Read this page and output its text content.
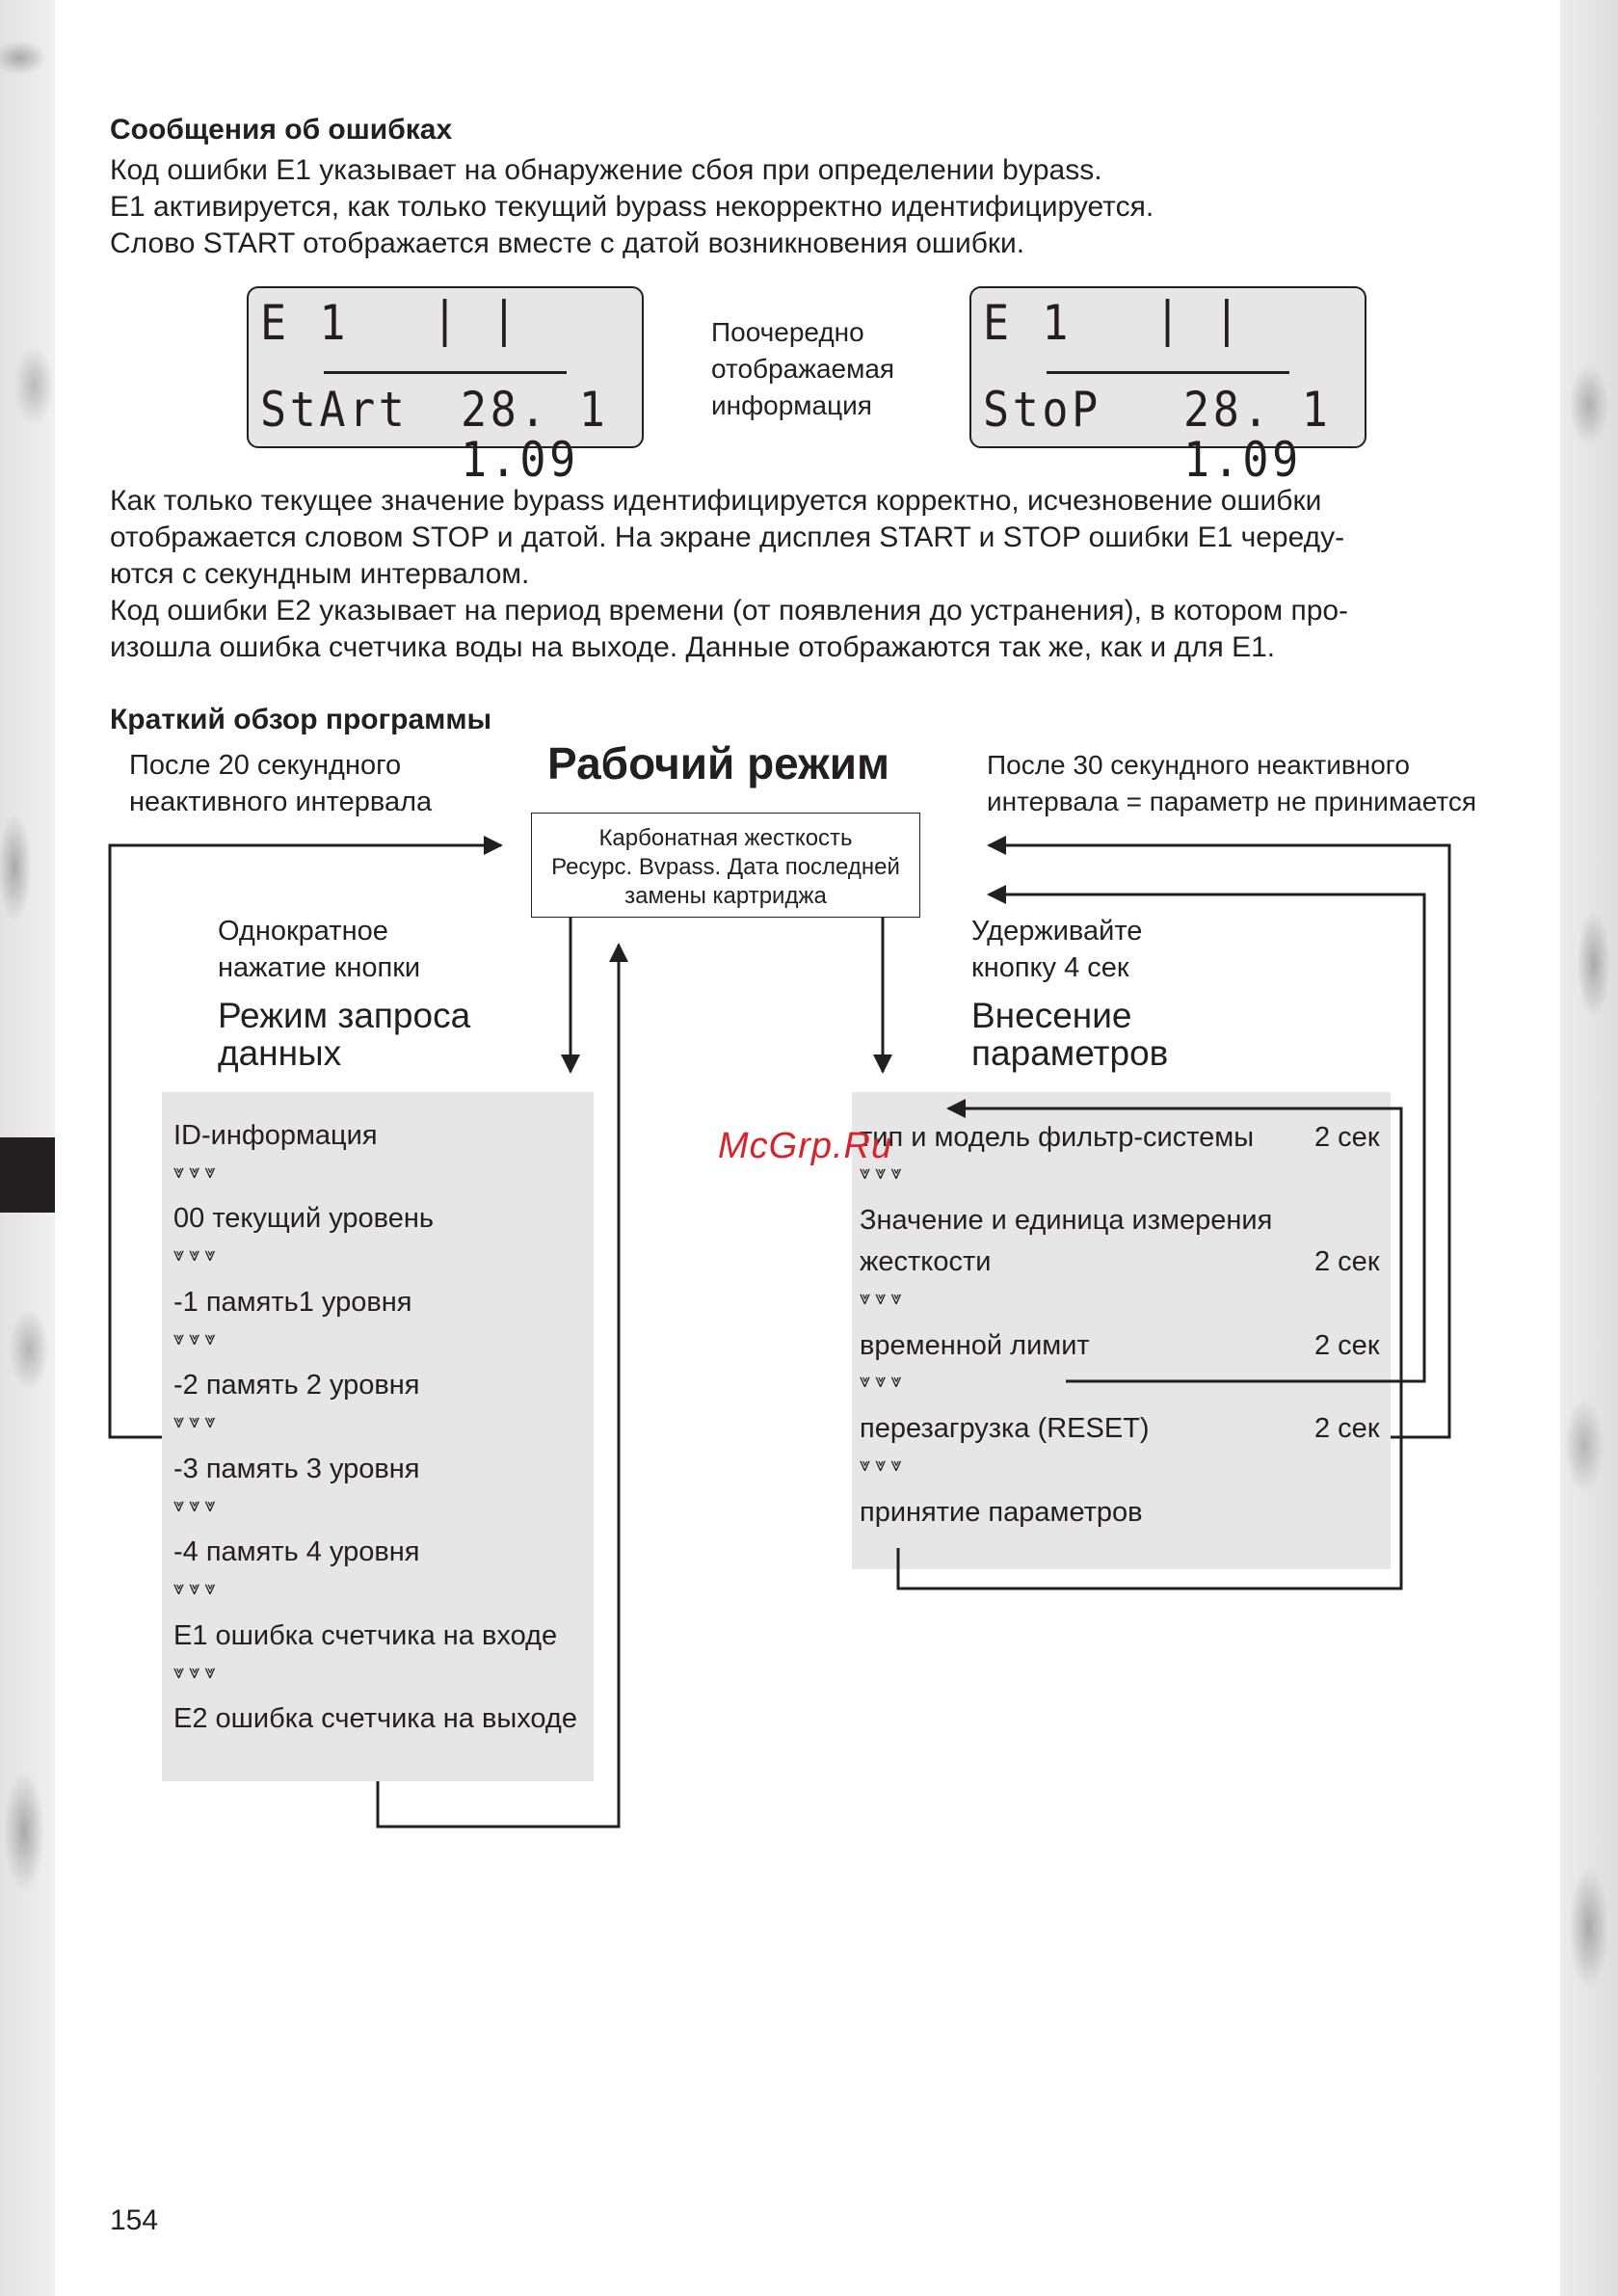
Сообщения об ошибках
Код ошибки Е1 указывает на обнаружение сбоя при определении bypass.
Е1 активируется, как только текущий bypass некорректно идентифицируется.
Слово START отображается вместе с датой возникновения ошибки.
E 1 | |
StArt 28. 1 1.09
Поочередно
отображаемая
информация
E 1 | |
StoP 28. 1 1.09
Как только текущее значение bypass идентифицируется корректно, исчезновение ошибки
отображается словом STOP и датой. На экране дисплея START и STOP ошибки Е1 череду-
ются с секундным интервалом.
Код ошибки Е2 указывает на период времени (от появления до устранения), в котором про-
изошла ошибка счетчика воды на выходе. Данные отображаются так же, как и для Е1.
Краткий обзор программы
Рабочий режим
После 20 секундного
неактивного интервала
После 30 секундного неактивного
интервала = параметр не принимается
Карбонатная жесткость
Ресурс. Bvpass. Дата последней
замены картриджа
Однократное
нажатие кнопки
Режим запроса
данных
Удерживайте
кнопку 4 сек
Внесение
параметров
ID-информация
⩔⩔⩔
00 текущий уровень
⩔⩔⩔
-1 память1 уровня
⩔⩔⩔
-2 память 2 уровня
⩔⩔⩔
-3 память 3 уровня
⩔⩔⩔
-4 память 4 уровня
⩔⩔⩔
Е1 ошибка счетчика на входе
⩔⩔⩔
Е2 ошибка счетчика на выходе
тип и модель фильтр-системы 2 сек
⩔⩔⩔
Значение и единица измерения
жесткости	2 сек
⩔⩔⩔
временной лимит	2 сек
⩔⩔⩔
перезагрузка (RESET)	2 сек
⩔⩔⩔
принятие параметров
McGrp.Ru
154
